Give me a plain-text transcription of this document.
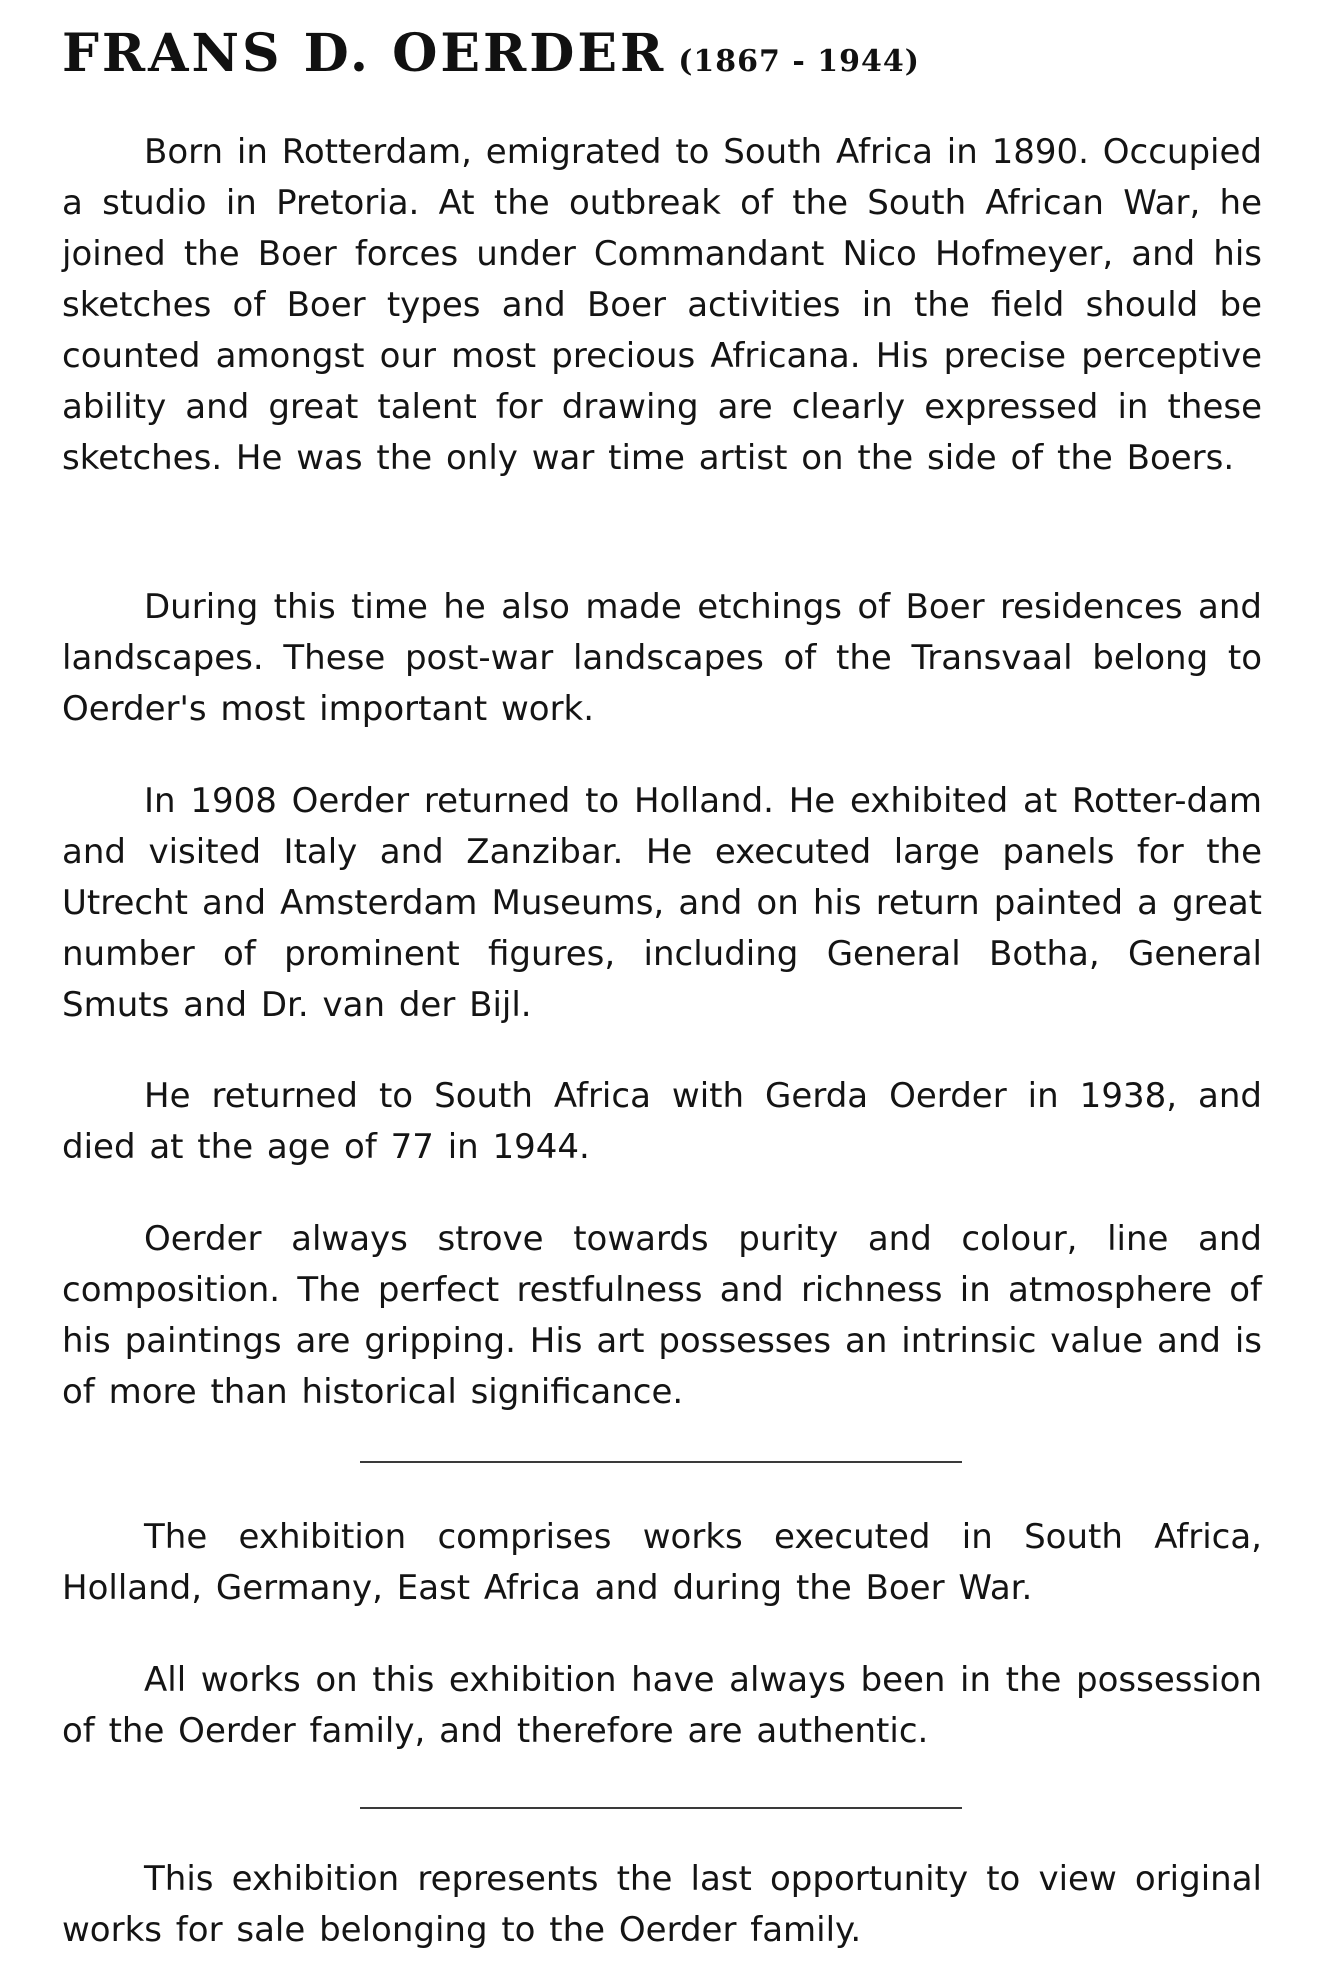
FRANS D. OERDER (1867 - 1944)

Born in Rotterdam, emigrated to South Africa in 1890. Occupied a studio in Pretoria. At the outbreak of the South African War, he joined the Boer forces under Commandant Nico Hofmeyer, and his sketches of Boer types and Boer activities in the field should be counted amongst our most precious Africana. His precise perceptive ability and great talent for drawing are clearly expressed in these sketches. He was the only war time artist on the side of the Boers.

During this time he also made etchings of Boer residences and landscapes. These post-war landscapes of the Transvaal belong to Oerder's most important work.

In 1908 Oerder returned to Holland. He exhibited at Rotter-dam and visited Italy and Zanzibar. He executed large panels for the Utrecht and Amsterdam Museums, and on his return painted a great number of prominent figures, including General Botha, General Smuts and Dr. van der Bijl.

He returned to South Africa with Gerda Oerder in 1938, and died at the age of 77 in 1944.

Oerder always strove towards purity and colour, line and composition. The perfect restfulness and richness in atmosphere of his paintings are gripping. His art possesses an intrinsic value and is of more than historical significance.

The exhibition comprises works executed in South Africa, Holland, Germany, East Africa and during the Boer War.

All works on this exhibition have always been in the possession of the Oerder family, and therefore are authentic.

This exhibition represents the last opportunity to view original works for sale belonging to the Oerder family.
